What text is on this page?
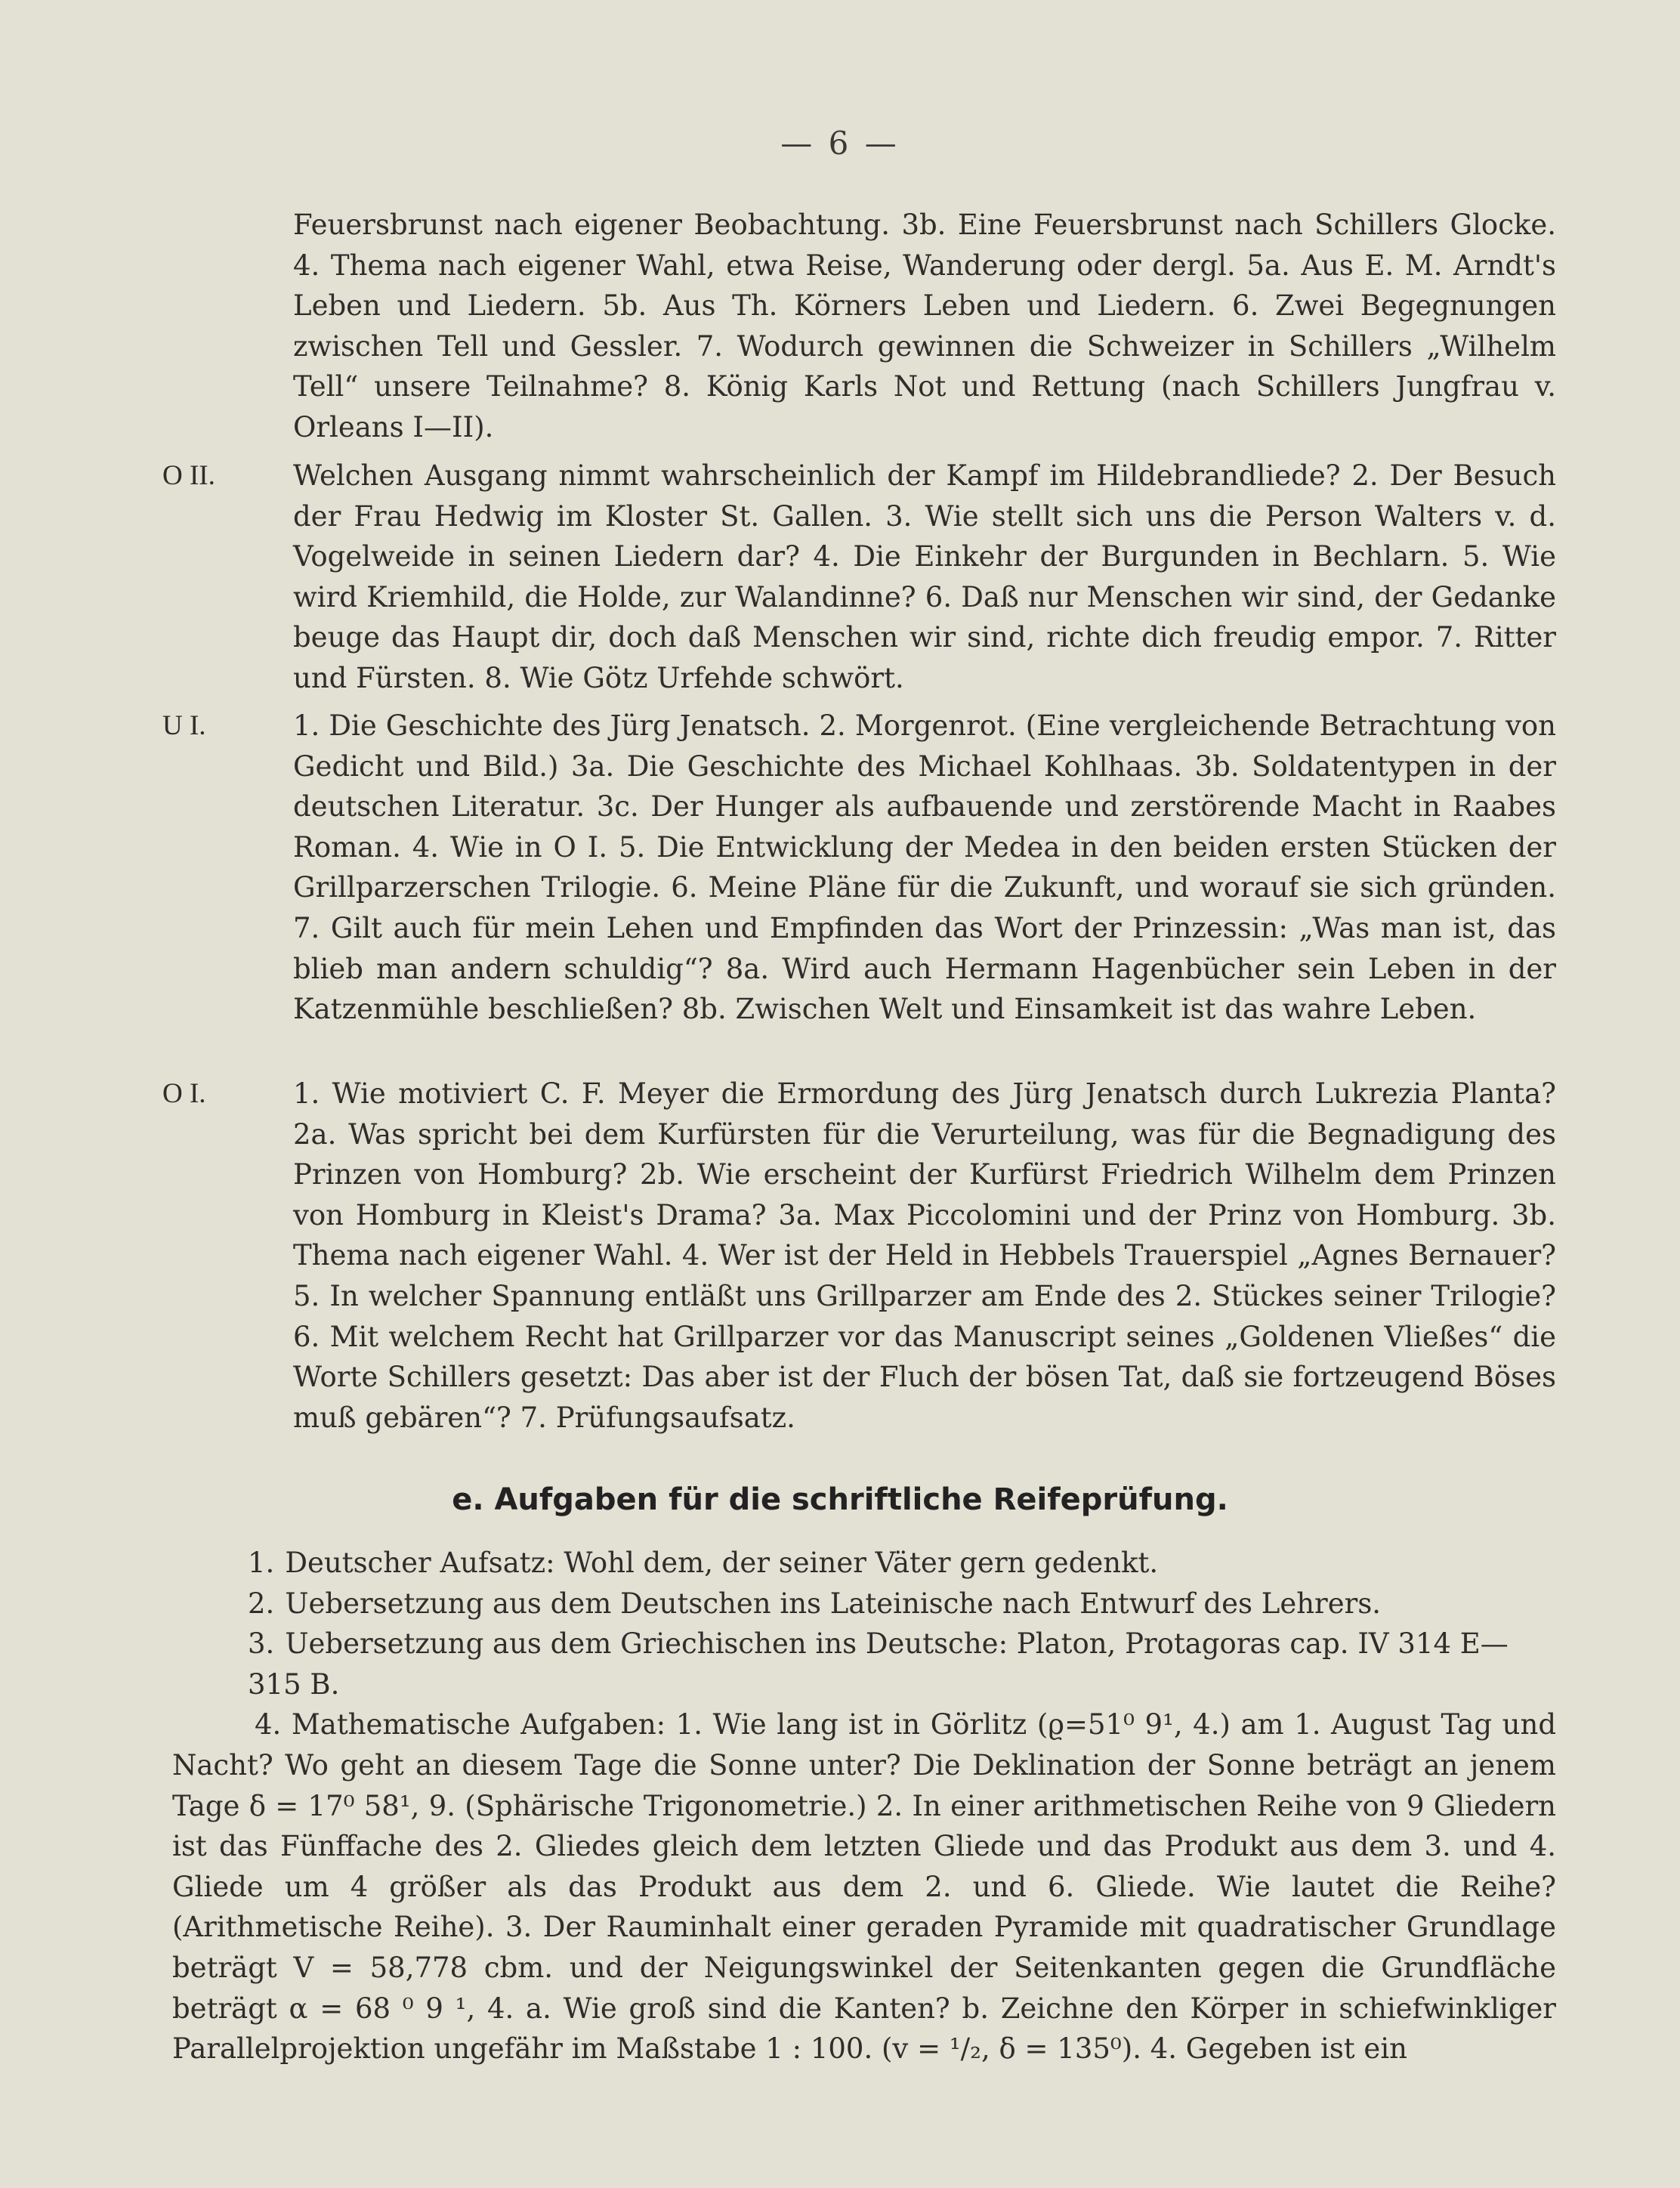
— 6 —
Feuersbrunst nach eigener Beobachtung. 3b. Eine Feuersbrunst nach Schillers Glocke. 4. Thema nach eigener Wahl, etwa Reise, Wanderung oder dergl. 5a. Aus E. M. Arndt's Leben und Liedern. 5b. Aus Th. Körners Leben und Liedern. 6. Zwei Begegnungen zwischen Tell und Gessler. 7. Wodurch gewinnen die Schweizer in Schillers „Wilhelm Tell“ unsere Teilnahme? 8. König Karls Not und Rettung (nach Schillers Jungfrau v. Orleans I—II).
O II.	Welchen Ausgang nimmt wahrscheinlich der Kampf im Hildebrandliede? 2. Der Besuch der Frau Hedwig im Kloster St. Gallen. 3. Wie stellt sich uns die Person Walters v. d. Vogelweide in seinen Liedern dar? 4. Die Einkehr der Burgunden in Bechlarn. 5. Wie wird Kriemhild, die Holde, zur Walandinne? 6. Daß nur Menschen wir sind, der Gedanke beuge das Haupt dir, doch daß Menschen wir sind, richte dich freudig empor. 7. Ritter und Fürsten. 8. Wie Götz Urfehde schwört.
U I.	1. Die Geschichte des Jürg Jenatsch. 2. Morgenrot. (Eine vergleichende Betrachtung von Gedicht und Bild.) 3a. Die Geschichte des Michael Kohlhaas. 3b. Soldatentypen in der deutschen Literatur. 3c. Der Hunger als aufbauende und zerstörende Macht in Raabes Roman. 4. Wie in O I. 5. Die Entwicklung der Medea in den beiden ersten Stücken der Grillparzerschen Trilogie. 6. Meine Pläne für die Zukunft, und worauf sie sich gründen. 7. Gilt auch für mein Lehen und Empfinden das Wort der Prinzessin: „Was man ist, das blieb man andern schuldig“? 8a. Wird auch Hermann Hagenbücher sein Leben in der Katzenmühle beschließen? 8b. Zwischen Welt und Einsamkeit ist das wahre Leben.
O I.	1. Wie motiviert C. F. Meyer die Ermordung des Jürg Jenatsch durch Lukrezia Planta? 2a. Was spricht bei dem Kurfürsten für die Verurteilung, was für die Begnadigung des Prinzen von Homburg? 2b. Wie erscheint der Kurfürst Friedrich Wilhelm dem Prinzen von Homburg in Kleist's Drama? 3a. Max Piccolomini und der Prinz von Homburg. 3b. Thema nach eigener Wahl. 4. Wer ist der Held in Hebbels Trauerspiel „Agnes Bernauer? 5. In welcher Spannung entläßt uns Grillparzer am Ende des 2. Stückes seiner Trilogie? 6. Mit welchem Recht hat Grillparzer vor das Manuscript seines „Goldenen Vließes“ die Worte Schillers gesetzt: Das aber ist der Fluch der bösen Tat, daß sie fortzeugend Böses muß gebären“? 7. Prüfungsaufsatz.
e. Aufgaben für die schriftliche Reifeprüfung.
1. Deutscher Aufsatz: Wohl dem, der seiner Väter gern gedenkt.
2. Uebersetzung aus dem Deutschen ins Lateinische nach Entwurf des Lehrers.
3. Uebersetzung aus dem Griechischen ins Deutsche: Platon, Protagoras cap. IV 314 E—315 B.
4. Mathematische Aufgaben: 1. Wie lang ist in Görlitz (ϱ=51⁰ 9¹, 4.) am 1. August Tag und Nacht? Wo geht an diesem Tage die Sonne unter? Die Deklination der Sonne beträgt an jenem Tage δ = 17⁰ 58¹, 9. (Sphärische Trigonometrie.) 2. In einer arithmetischen Reihe von 9 Gliedern ist das Fünffache des 2. Gliedes gleich dem letzten Gliede und das Produkt aus dem 3. und 4. Gliede um 4 größer als das Produkt aus dem 2. und 6. Gliede. Wie lautet die Reihe? (Arithmetische Reihe). 3. Der Rauminhalt einer geraden Pyramide mit quadratischer Grundlage beträgt V = 58,778 cbm. und der Neigungswinkel der Seitenkanten gegen die Grundfläche beträgt α = 68 ⁰ 9 ¹, 4. a. Wie groß sind die Kanten? b. Zeichne den Körper in schiefwinkliger Parallelprojektion ungefähr im Maßstabe 1 : 100. (v = ¹/₂, δ = 135⁰). 4. Gegeben ist ein
